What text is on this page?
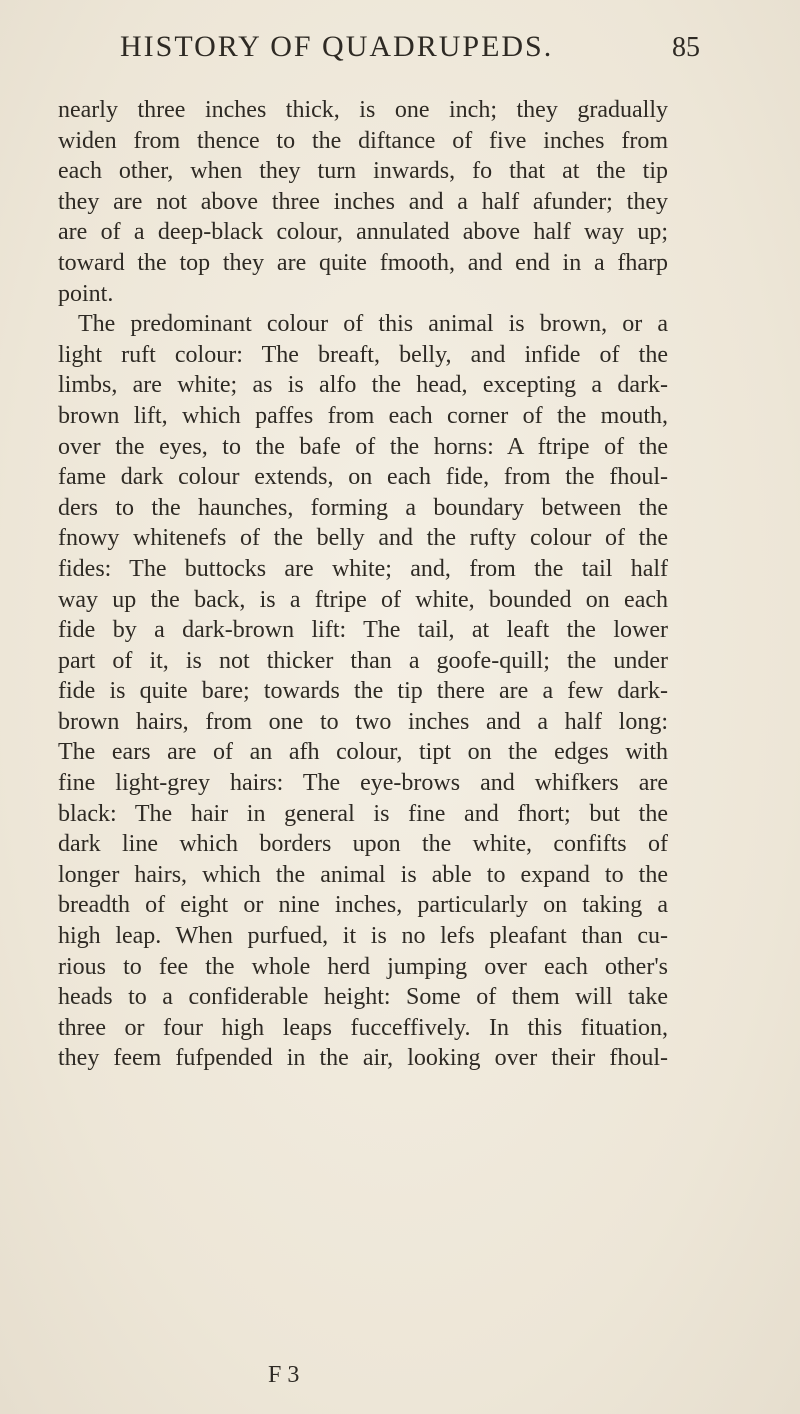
HISTORY OF QUADRUPEDS.	85
nearly three inches thick, is one inch; they gradually
widen from thence to the diftance of five inches from
each other, when they turn inwards, fo that at the tip
they are not above three inches and a half afunder; they
are of a deep-black colour, annulated above half way up;
toward the top they are quite fmooth, and end in a fharp
point.
The predominant colour of this animal is brown, or a
light ruft colour: The breaft, belly, and infide of the
limbs, are white; as is alfo the head, excepting a dark-
brown lift, which paffes from each corner of the mouth,
over the eyes, to the bafe of the horns: A ftripe of the
fame dark colour extends, on each fide, from the fhoul-
ders to the haunches, forming a boundary between the
fnowy whitenefs of the belly and the rufty colour of the
fides: The buttocks are white; and, from the tail half
way up the back, is a ftripe of white, bounded on each
fide by a dark-brown lift: The tail, at leaft the lower
part of it, is not thicker than a goofe-quill; the under
fide is quite bare; towards the tip there are a few dark-
brown hairs, from one to two inches and a half long:
The ears are of an afh colour, tipt on the edges with
fine light-grey hairs: The eye-brows and whifkers are
black: The hair in general is fine and fhort; but the
dark line which borders upon the white, confifts of
longer hairs, which the animal is able to expand to the
breadth of eight or nine inches, particularly on taking a
high leap. When purfued, it is no lefs pleafant than cu-
rious to fee the whole herd jumping over each other's
heads to a confiderable height: Some of them will take
three or four high leaps fucceffively. In this fituation,
they feem fufpended in the air, looking over their fhoul-
F 3
